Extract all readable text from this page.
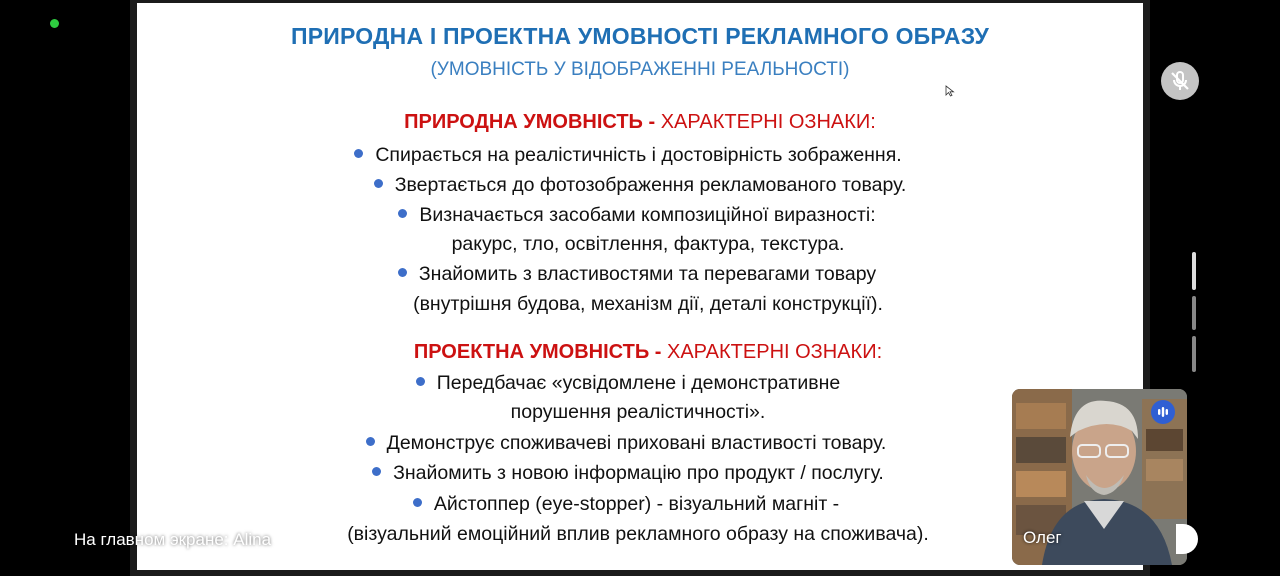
ПРИРОДНА І ПРОЕКТНА УМОВНОСТІ РЕКЛАМНОГО ОБРАЗУ
(УМОВНІСТЬ У ВІДОБРАЖЕННІ РЕАЛЬНОСТІ)
ПРИРОДНА УМОВНІСТЬ - ХАРАКТЕРНІ ОЗНАКИ:
Спирається на реалістичність і достовірність зображення.
Звертається до фотозображення рекламованого товару.
Визначається засобами композиційної виразності:
ракурс, тло, освітлення, фактура, текстура.
Знайомить з властивостями та перевагами товару
(внутрішня будова, механізм дії, деталі конструкції).
ПРОЕКТНА УМОВНІСТЬ - ХАРАКТЕРНІ ОЗНАКИ:
Передбачає «усвідомлене і демонстративне
порушення реалістичності».
Демонструє споживачеві приховані властивості товару.
Знайомить з новою інформацію про продукт / послугу.
Айстоппер (eye-stopper) - візуальний магніт -
(візуальний емоційний вплив рекламного образу на споживача).
На главном экране: Alina	Олег
